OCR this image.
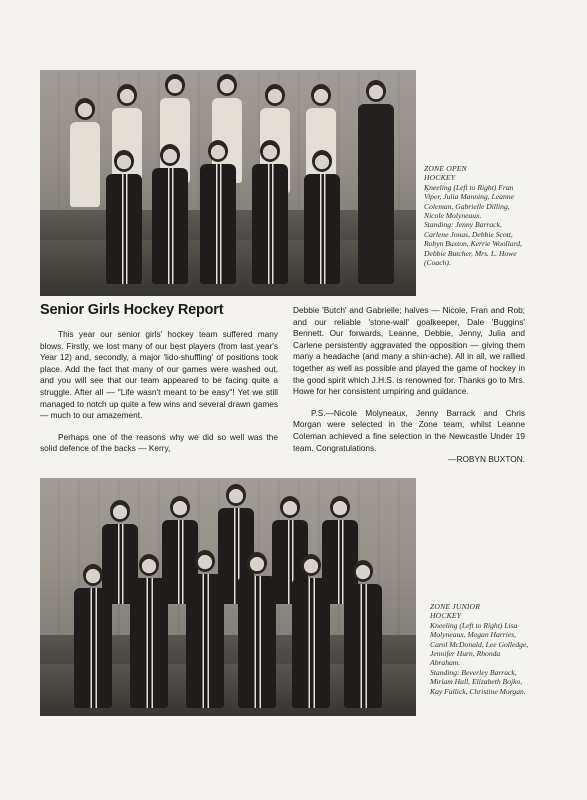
ZONE OPEN

HOCKEY

Kneeling (Left to Right) Fran Viper, Julia Manning, Leanne Coleman, Gabrielle Dilling, Nicole Molyneaux.

Standing: Jenny Barrack, Carlene Jonas, Debbie Scott, Robyn Buxton, Kerrie Woollard, Debbie Butcher, Mrs. L. Howe (Coach).

Senior Girls Hockey Report

This year our senior girls' hockey team suffered many blows. Firstly, we lost many of our best players (from last year's Year 12) and, secondly, a major 'lido-shuffling' of positions took place. Add the fact that many of our games were washed out, and you will see that our team appeared to be facing quite a struggle. After all — "Life wasn't meant to be easy"! Yet we still managed to notch up quite a few wins and several drawn games — much to our amazement.

Perhaps one of the reasons why we did so well was the solid defence of the backs — Kerry,

Debbie 'Butch' and Gabrielle; halves — Nicole, Fran and Rob; and our reliable 'stone-wall' goalkeeper, Dale 'Buggins' Bennett. Our forwards, Leanne, Debbie, Jenny, Julia and Carlene persistently aggravated the opposition — giving them many a headache (and many a shin-ache). All in all, we rallied together as well as possible and played the game of hockey in the good spirit which J.H.S. is renowned for. Thanks go to Mrs. Howe for her consistent umpiring and guidance.

P.S.—Nicole Molyneaux, Jenny Barrack and Chris Morgan were selected in the Zone team, whilst Leanne Coleman achieved a fine selection in the Newcastle Under 19 team. Congratulations.

—ROBYN BUXTON.

ZONE JUNIOR

HOCKEY

Kneeling (Left to Right) Lisa Molyneaux, Megan Harries, Carol McDonald, Lee Golledge, Jennifer Hurn, Rhonda Abraham.

Standing: Beverley Barrack, Miriam Hall, Elizabeth Bojko, Kay Fullick, Christine Morgan.
